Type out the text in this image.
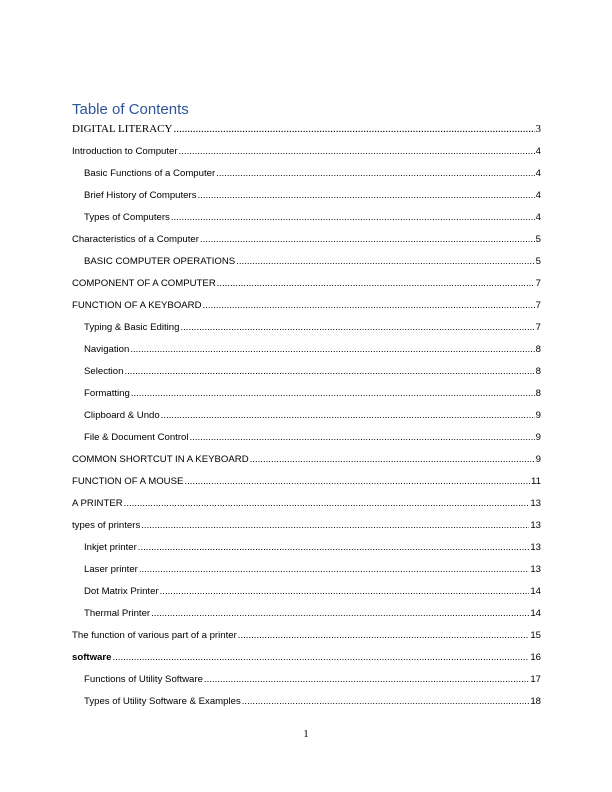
Table of Contents
DIGITAL LITERACY .....	3
Introduction to Computer .....	4
Basic Functions of a Computer .....	4
Brief History of Computers .....	4
Types of Computers .....	4
Characteristics of a Computer .....	5
BASIC COMPUTER OPERATIONS .....	5
COMPONENT OF A COMPUTER .....	7
FUNCTION OF A KEYBOARD .....	7
Typing & Basic Editing .....	7
Navigation .....	8
Selection .....	8
Formatting .....	8
Clipboard & Undo .....	9
File & Document Control .....	9
COMMON SHORTCUT IN A KEYBOARD .....	9
FUNCTION OF A MOUSE .....	11
A PRINTER .....	13
types of printers .....	13
Inkjet printer .....	13
Laser printer .....	13
Dot Matrix Printer .....	14
Thermal Printer .....	14
The function of various part of a printer .....	15
software .....	16
Functions of Utility Software .....	17
Types of Utility Software & Examples .....	18
1
